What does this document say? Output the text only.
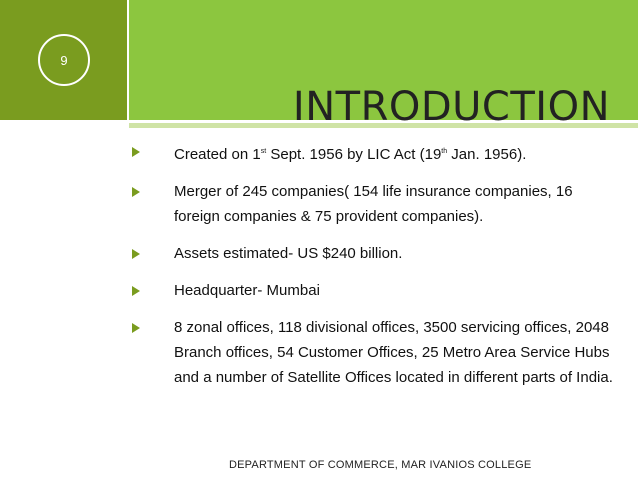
9
INTRODUCTION
Created on 1st Sept. 1956 by LIC Act (19th Jan. 1956).
Merger of 245 companies( 154 life insurance companies, 16 foreign companies & 75 provident companies).
Assets estimated- US $240 billion.
Headquarter- Mumbai
8 zonal offices, 118 divisional offices, 3500 servicing offices, 2048 Branch offices, 54 Customer Offices, 25 Metro Area Service Hubs and a number of Satellite Offices located in different parts of India.
DEPARTMENT OF COMMERCE, MAR IVANIOS COLLEGE
